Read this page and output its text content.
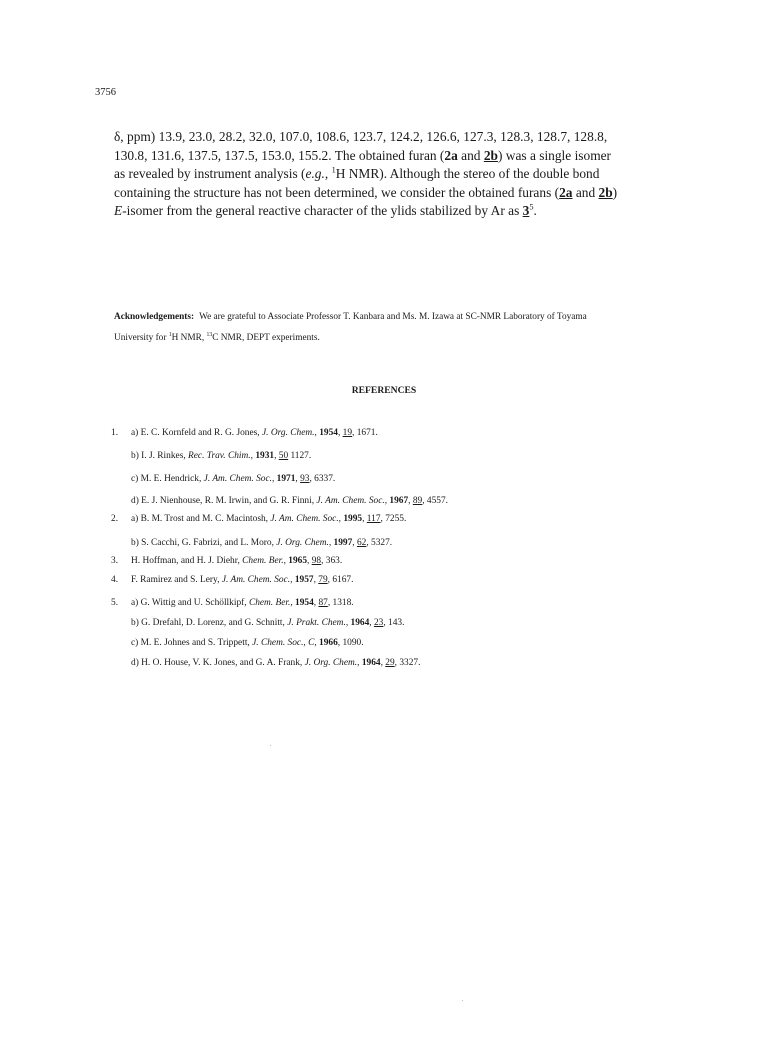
3756

δ, ppm) 13.9, 23.0, 28.2, 32.0, 107.0, 108.6, 123.7, 124.2, 126.6, 127.3, 128.3, 128.7, 128.8,
130.8, 131.6, 137.5, 137.5, 153.0, 155.2. The obtained furan (2a and 2b) was a single isomer
as revealed by instrument analysis (e.g., $^1$H NMR). Although the stereo of the double bond
containing the structure has not been determined, we consider the obtained furans (2a and 2b)
E-isomer from the general reactive character of the ylids stabilized by Ar as $3^5$.

Acknowledgements: We are grateful to Associate Professor T. Kanbara and Ms. M. Izawa at SC-NMR Laboratory of Toyama
University for $^1$H NMR, $^{13}$C NMR, DEPT experiments.

REFERENCES

1. a) E. C. Kornfeld and R. G. Jones, J. Org. Chem., 1954, 19, 1671.

b) I. J. Rinkes, Rec. Trav. Chim., 1931, 50 1127.

c) M. E. Hendrick, J. Am. Chem. Soc., 1971, 93, 6337.

d) E. J. Nienhouse, R. M. Irwin, and G. R. Finni, J. Am. Chem. Soc., 1967, 89, 4557.

2. a) B. M. Trost and M. C. Macintosh, J. Am. Chem. Soc., 1995, 117, 7255.

b) S. Cacchi, G. Fabrizi, and L. Moro, J. Org. Chem., 1997, 62, 5327.

3. H. Hoffman, and H. J. Diehr, Chem. Ber., 1965, 98, 363.

4. F. Ramirez and S. Lery, J. Am. Chem. Soc., 1957, 79, 6167.

5. a) G. Wittig and U. Schöllkipf, Chem. Ber., 1954, 87, 1318.

b) G. Drefahl, D. Lorenz, and G. Schnitt, J. Prakt. Chem., 1964, 23, 143.

c) M. E. Johnes and S. Trippett, J. Chem. Soc., C, 1966, 1090.

d) H. O. House, V. K. Jones, and G. A. Frank, J. Org. Chem., 1964, 29, 3327.
